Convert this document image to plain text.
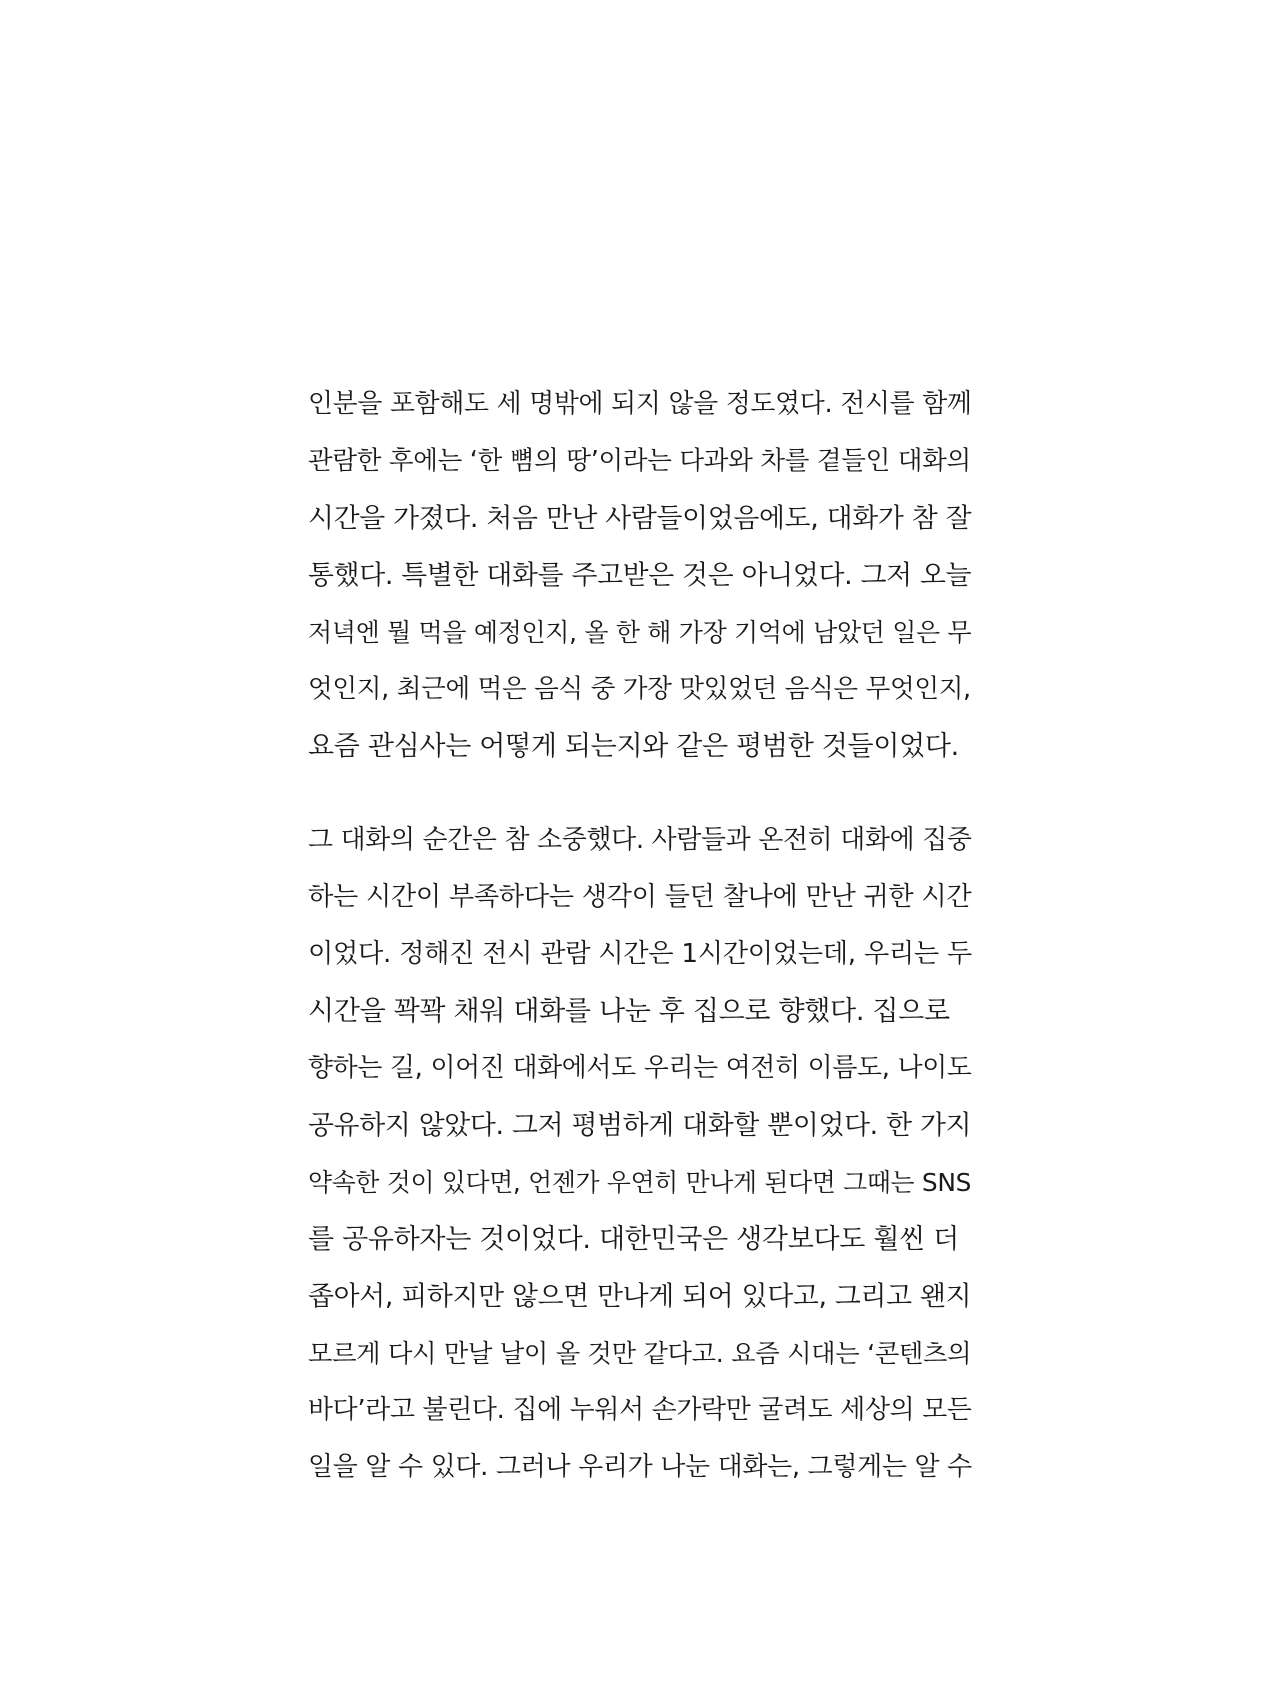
인분을 포함해도 세 명밖에 되지 않을 정도였다. 전시를 함께
관람한 후에는 ‘한 뼘의 땅’이라는 다과와 차를 곁들인 대화의
시간을 가졌다. 처음 만난 사람들이었음에도, 대화가 참 잘
통했다. 특별한 대화를 주고받은 것은 아니었다. 그저 오늘
저녁엔 뭘 먹을 예정인지, 올 한 해 가장 기억에 남았던 일은 무
엇인지, 최근에 먹은 음식 중 가장 맛있었던 음식은 무엇인지,
요즘 관심사는 어떻게 되는지와 같은 평범한 것들이었다.
그 대화의 순간은 참 소중했다. 사람들과 온전히 대화에 집중
하는 시간이 부족하다는 생각이 들던 찰나에 만난 귀한 시간
이었다. 정해진 전시 관람 시간은 1시간이었는데, 우리는 두
시간을 꽉꽉 채워 대화를 나눈 후 집으로 향했다. 집으로
향하는 길, 이어진 대화에서도 우리는 여전히 이름도, 나이도
공유하지 않았다. 그저 평범하게 대화할 뿐이었다. 한 가지
약속한 것이 있다면, 언젠가 우연히 만나게 된다면 그때는 SNS
를 공유하자는 것이었다. 대한민국은 생각보다도 훨씬 더
좁아서, 피하지만 않으면 만나게 되어 있다고, 그리고 왠지
모르게 다시 만날 날이 올 것만 같다고. 요즘 시대는 ‘콘텐츠의
바다’라고 불린다. 집에 누워서 손가락만 굴려도 세상의 모든
일을 알 수 있다. 그러나 우리가 나눈 대화는, 그렇게는 알 수
